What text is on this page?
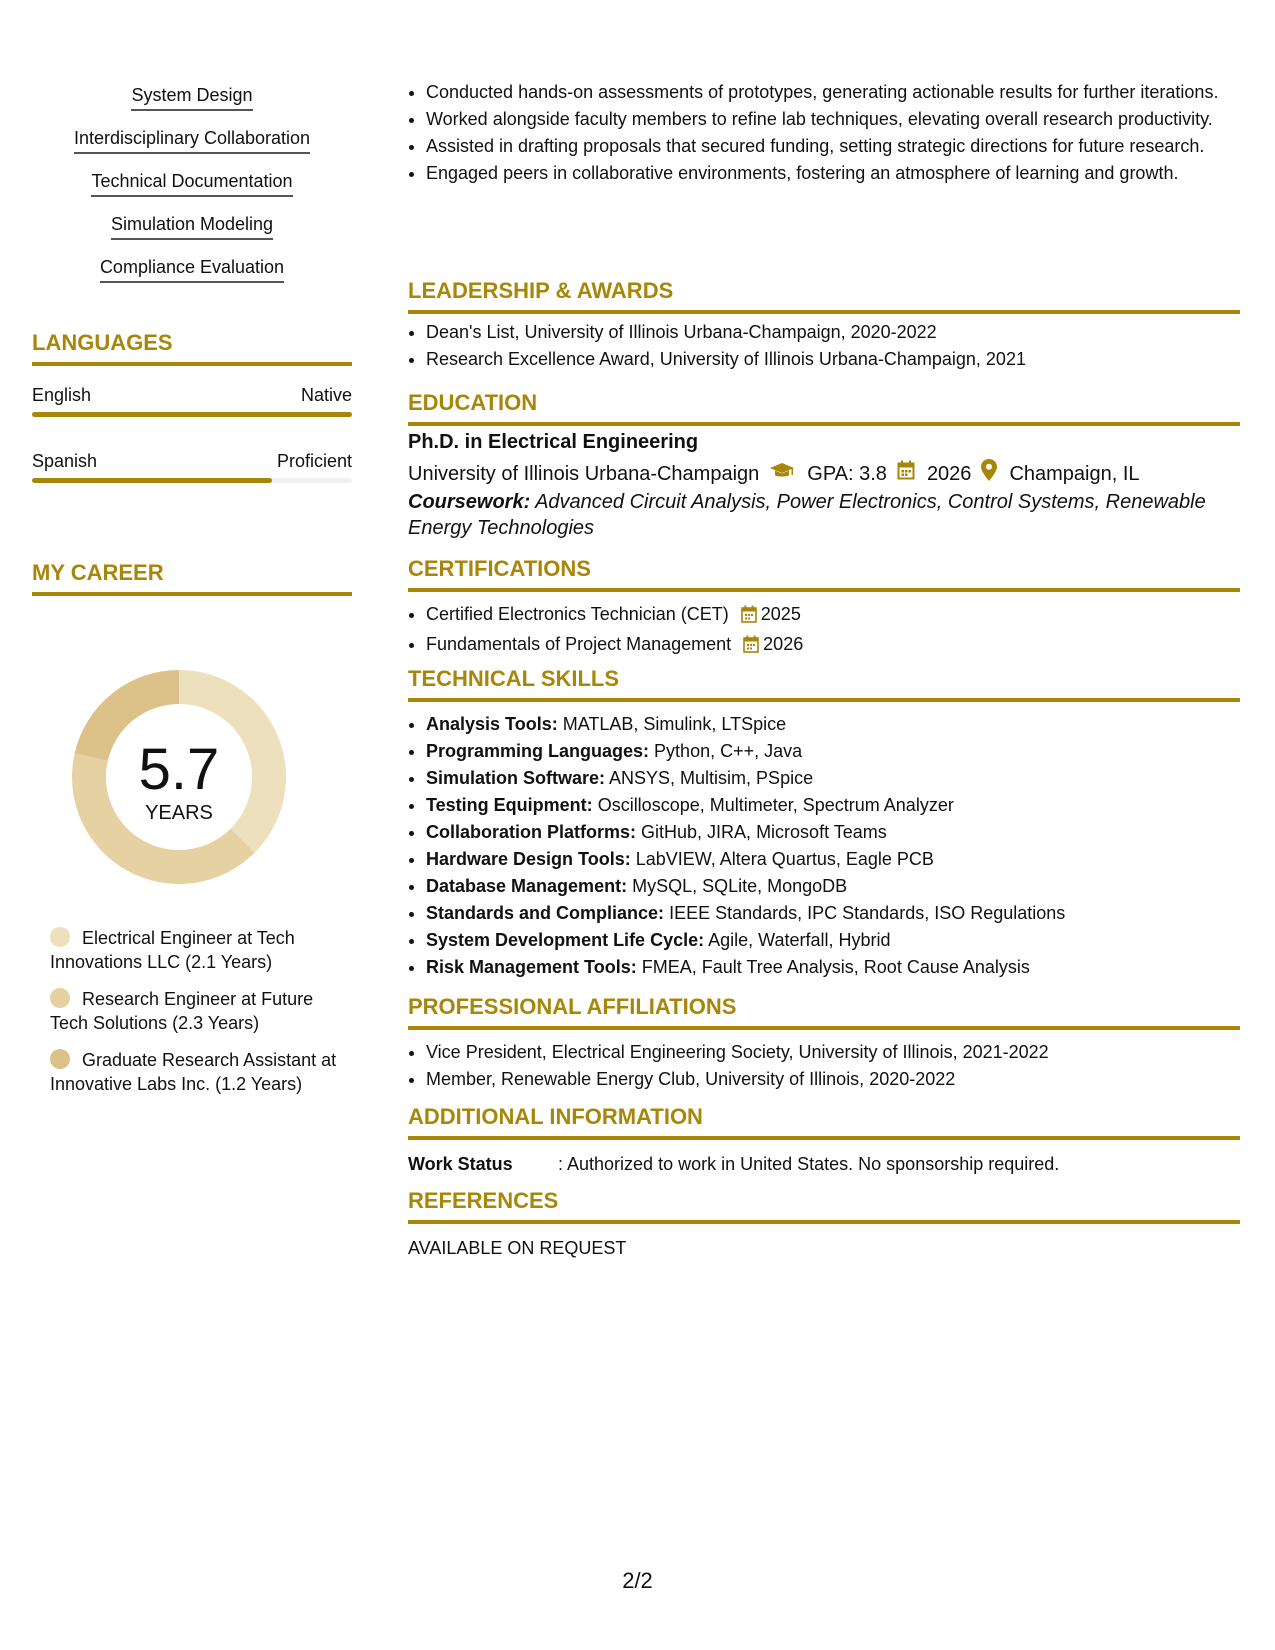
System Design
Interdisciplinary Collaboration
Technical Documentation
Simulation Modeling
Compliance Evaluation
LANGUAGES
English	Native
Spanish	Proficient
MY CAREER
5.7
YEARS
Electrical Engineer at Tech Innovations LLC (2.1 Years)
Research Engineer at Future Tech Solutions (2.3 Years)
Graduate Research Assistant at Innovative Labs Inc. (1.2 Years)
• Conducted hands-on assessments of prototypes, generating actionable results for further iterations.
• Worked alongside faculty members to refine lab techniques, elevating overall research productivity.
• Assisted in drafting proposals that secured funding, setting strategic directions for future research.
• Engaged peers in collaborative environments, fostering an atmosphere of learning and growth.
LEADERSHIP & AWARDS
• Dean's List, University of Illinois Urbana-Champaign, 2020-2022
• Research Excellence Award, University of Illinois Urbana-Champaign, 2021
EDUCATION
Ph.D. in Electrical Engineering
University of Illinois Urbana-Champaign GPA: 3.8 2026 Champaign, IL
Coursework: Advanced Circuit Analysis, Power Electronics, Control Systems, Renewable Energy Technologies
CERTIFICATIONS
• Certified Electronics Technician (CET) 2025
• Fundamentals of Project Management 2026
TECHNICAL SKILLS
• Analysis Tools: MATLAB, Simulink, LTSpice
• Programming Languages: Python, C++, Java
• Simulation Software: ANSYS, Multisim, PSpice
• Testing Equipment: Oscilloscope, Multimeter, Spectrum Analyzer
• Collaboration Platforms: GitHub, JIRA, Microsoft Teams
• Hardware Design Tools: LabVIEW, Altera Quartus, Eagle PCB
• Database Management: MySQL, SQLite, MongoDB
• Standards and Compliance: IEEE Standards, IPC Standards, ISO Regulations
• System Development Life Cycle: Agile, Waterfall, Hybrid
• Risk Management Tools: FMEA, Fault Tree Analysis, Root Cause Analysis
PROFESSIONAL AFFILIATIONS
• Vice President, Electrical Engineering Society, University of Illinois, 2021-2022
• Member, Renewable Energy Club, University of Illinois, 2020-2022
ADDITIONAL INFORMATION
Work Status	: Authorized to work in United States. No sponsorship required.
REFERENCES
AVAILABLE ON REQUEST
2/2
